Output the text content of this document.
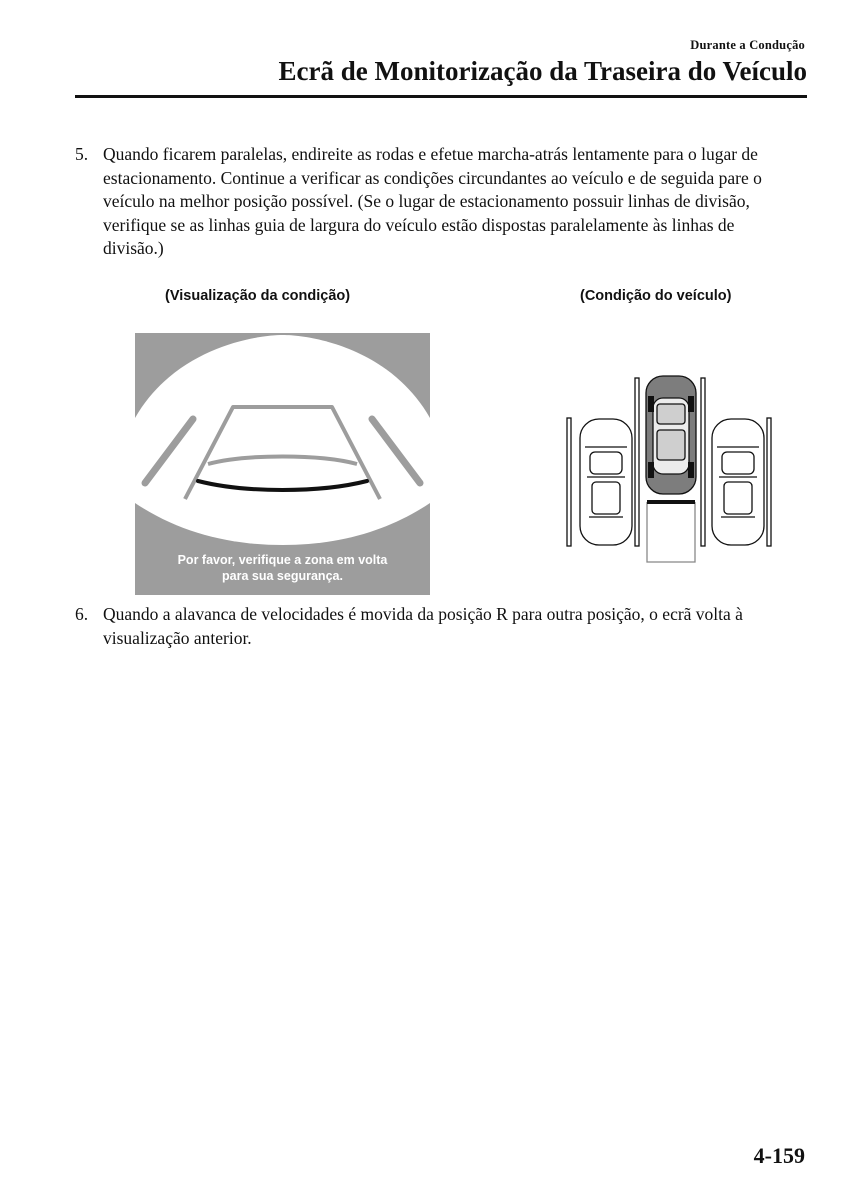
Durante a Condução
Ecrã de Monitorização da Traseira do Veículo
5. Quando ficarem paralelas, endireite as rodas e efetue marcha-atrás lentamente para o lugar de estacionamento. Continue a verificar as condições circundantes ao veículo e de seguida pare o veículo na melhor posição possível. (Se o lugar de estacionamento possuir linhas de divisão, verifique se as linhas guia de largura do veículo estão dispostas paralelamente às linhas de divisão.)
(Visualização da condição)	(Condição do veículo)
Por favor, verifique a zona em volta
para sua segurança.
6. Quando a alavanca de velocidades é movida da posição R para outra posição, o ecrã volta à visualização anterior.
4-159
